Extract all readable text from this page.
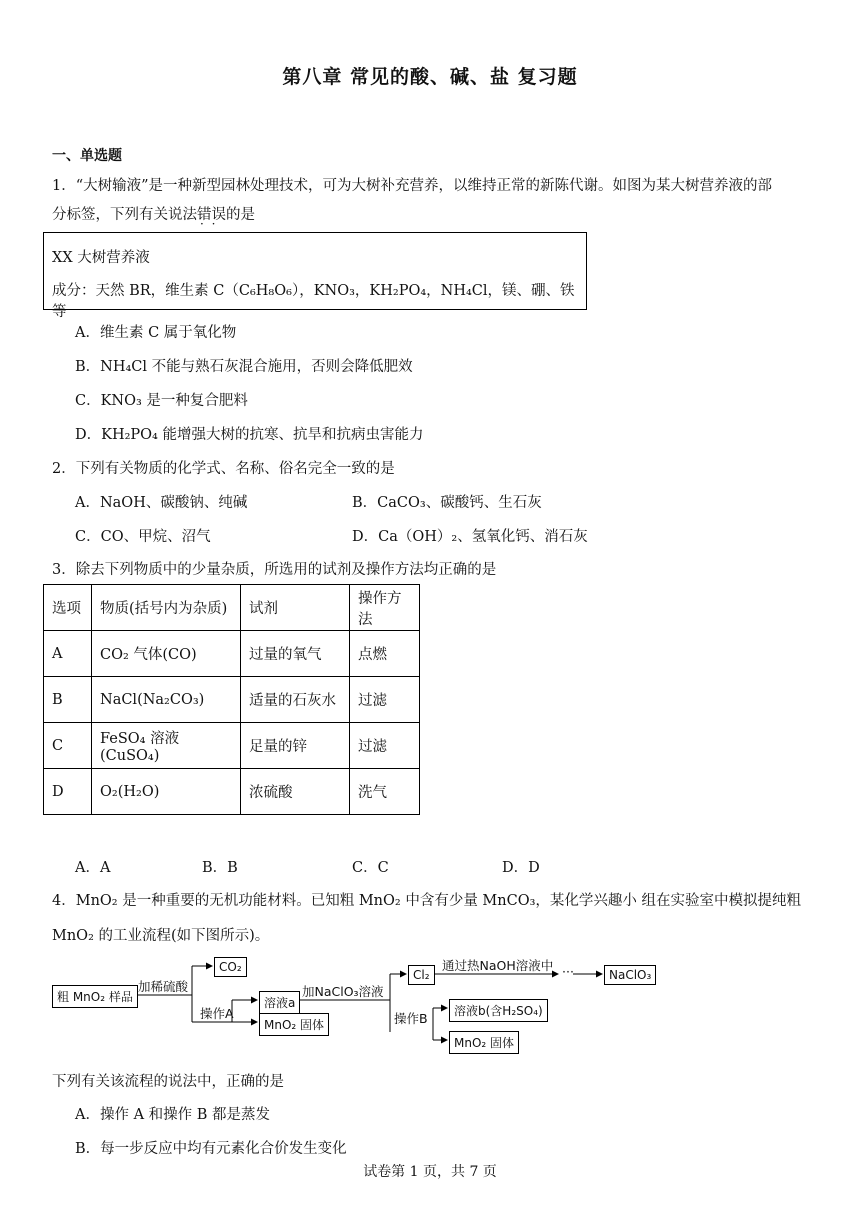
第八章 常见的酸、碱、盐 复习题
一、单选题
1．“大树输液”是一种新型园林处理技术，可为大树补充营养，以维持正常的新陈代谢。如图为某大树营养液的部
分标签，下列有关说法错误 · ·的是
XX 大树营养液
成分：天然 BR，维生素 C（C₆H₈O₆），KNO₃，KH₂PO₄，NH₄Cl，镁、硼、铁等
A．维生素 C 属于氧化物
B．NH₄Cl 不能与熟石灰混合施用，否则会降低肥效
C．KNO₃ 是一种复合肥料
D．KH₂PO₄ 能增强大树的抗寒、抗旱和抗病虫害能力
2．下列有关物质的化学式、名称、俗名完全一致的是
A．NaOH、碳酸钠、纯碱	B．CaCO₃、碳酸钙、生石灰
C．CO、甲烷、沼气	D．Ca（OH）₂、氢氧化钙、消石灰
3．除去下列物质中的少量杂质，所选用的试剂及操作方法均正确的是
选项	物质(括号内为杂质)	试剂	操作方法
A	CO₂ 气体(CO)	过量的氧气	点燃
B	NaCl(Na₂CO₃)	适量的石灰水	过滤
C	FeSO₄ 溶液(CuSO₄)	足量的锌	过滤
D	O₂(H₂O)	浓硫酸	洗气
A．A	B．B	C．C	D．D
4．MnO₂ 是一种重要的无机功能材料。已知粗 MnO₂ 中含有少量 MnCO₃，某化学兴趣小 组在实验室中模拟提纯粗
MnO₂ 的工业流程(如下图所示)。
粗 MnO₂ 样品
加稀硫酸
CO₂
操作A
溶液a
MnO₂ 固体
加NaClO₃溶液
Cl₂
通过热NaOH溶液中 ···	NaClO₃
操作B	溶液b(含H₂SO₄)
MnO₂ 固体
下列有关该流程的说法中，正确的是
A．操作 A 和操作 B 都是蒸发
B．每一步反应中均有元素化合价发生变化
试卷第 1 页，共 7 页
